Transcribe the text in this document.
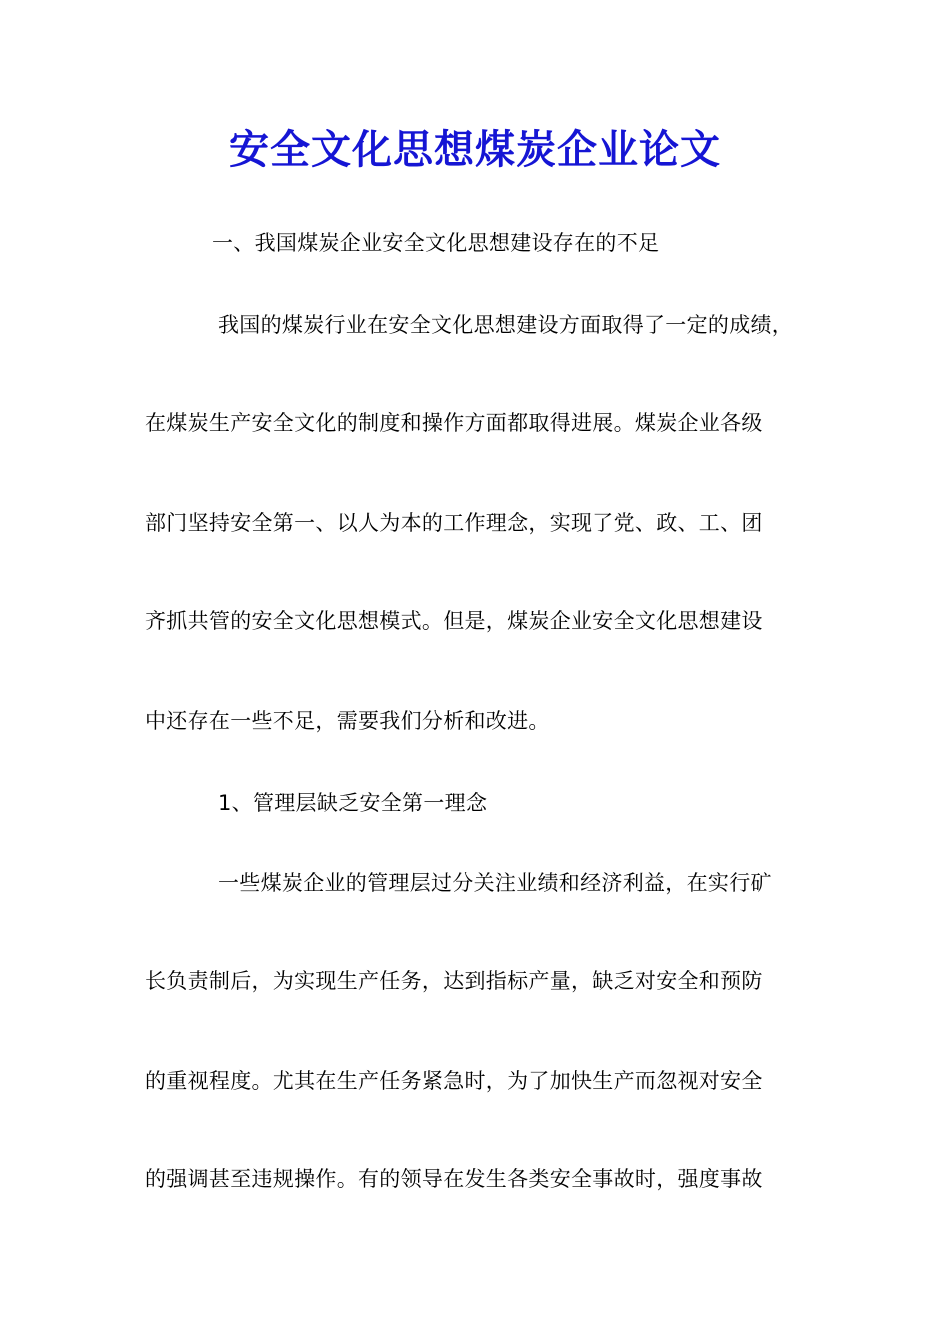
安全文化思想煤炭企业论文
一、我国煤炭企业安全文化思想建设存在的不足
我国的煤炭行业在安全文化思想建设方面取得了一定的成绩，
在煤炭生产安全文化的制度和操作方面都取得进展。煤炭企业各级
部门坚持安全第一、以人为本的工作理念，实现了党、政、工、团
齐抓共管的安全文化思想模式。但是，煤炭企业安全文化思想建设
中还存在一些不足，需要我们分析和改进。
1、管理层缺乏安全第一理念
一些煤炭企业的管理层过分关注业绩和经济利益，在实行矿
长负责制后，为实现生产任务，达到指标产量，缺乏对安全和预防
的重视程度。尤其在生产任务紧急时，为了加快生产而忽视对安全
的强调甚至违规操作。有的领导在发生各类安全事故时，强度事故
